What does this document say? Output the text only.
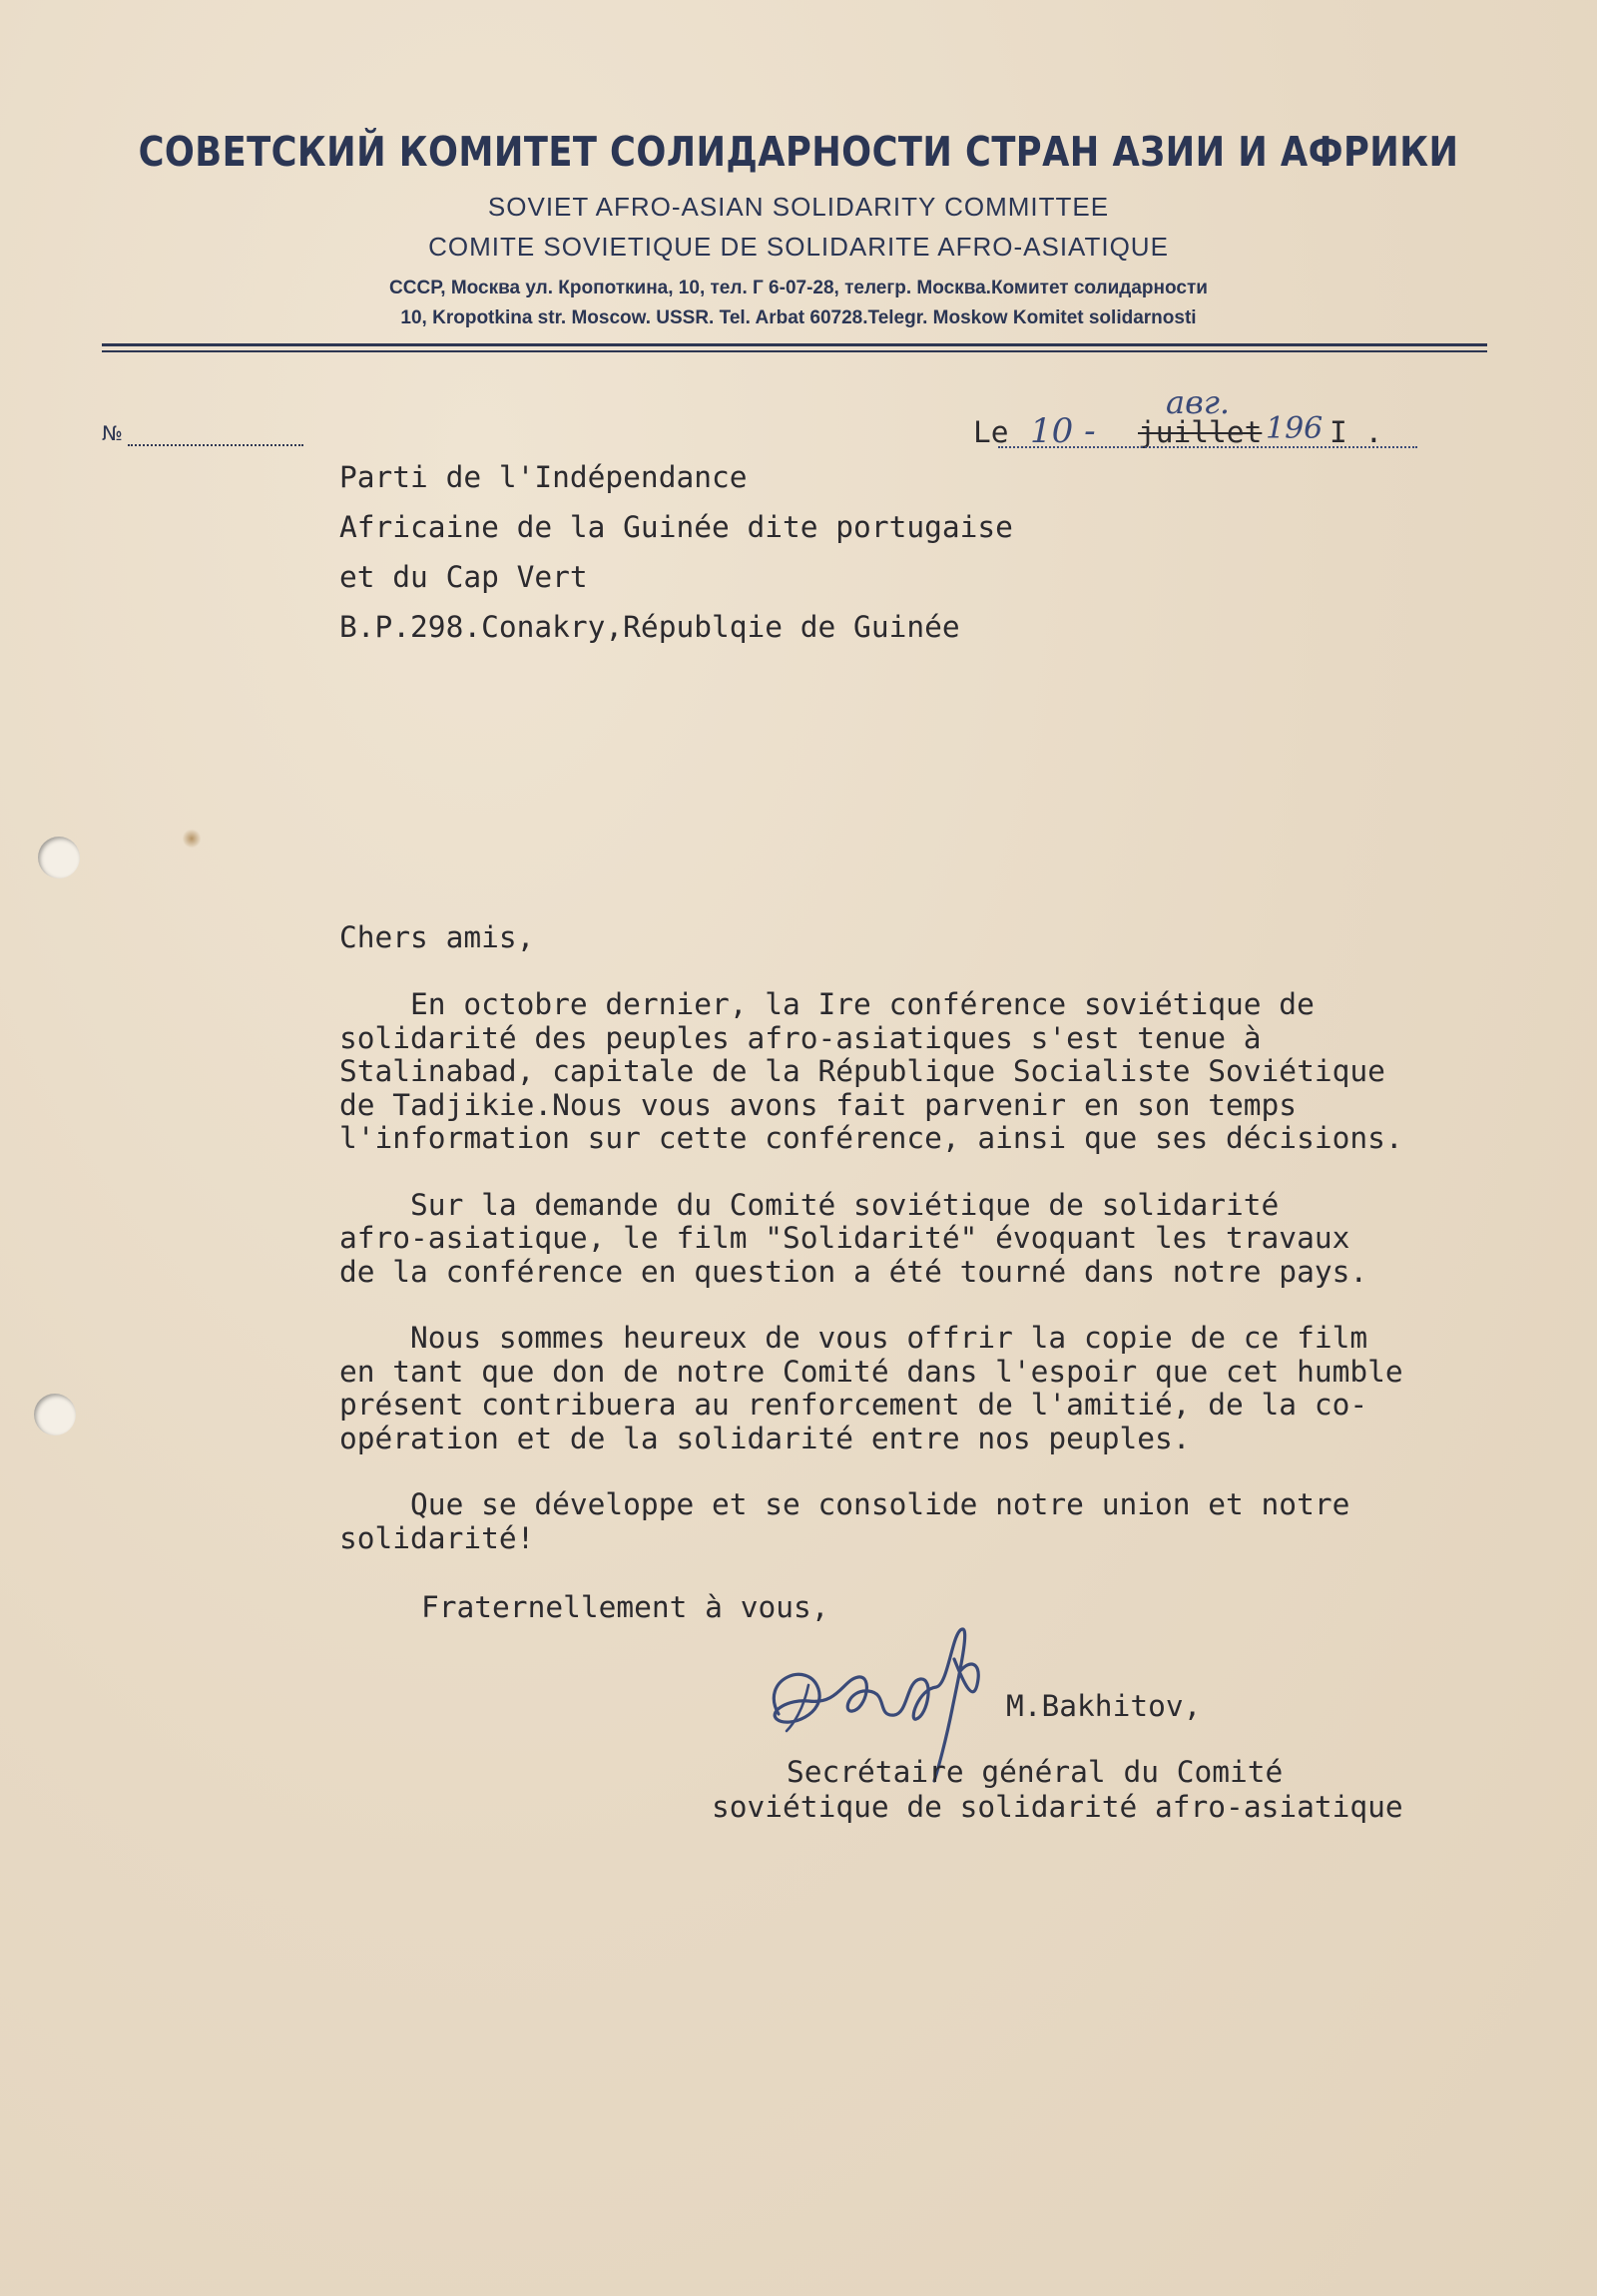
СОВЕТСКИЙ КОМИТЕТ СОЛИДАРНОСТИ СТРАН АЗИИ И АФРИКИ
SOVIET AFRO-ASIAN SOLIDARITY COMMITTEE
COMITE SOVIETIQUE DE SOLIDARITE AFRO-ASIATIQUE
СССР, Москва ул. Кропоткина, 10, тел. Г 6-07-28, телегр. Москва.Комитет солидарности
10, Kropotkina str. Moscow. USSR. Tel. Arbat 60728.Telegr. Moskow Komitet solidarnosti
№	Le 10 - juillet
авг.
196 I .
Parti de l'Indépendance
Africaine de la Guinée dite portugaise
et du Cap Vert
B.P.298.Conakry,Républqie de Guinée
Chers amis,
En octobre dernier, la Ire conférence soviétique de
solidarité des peuples afro-asiatiques s'est tenue à
Stalinabad, capitale de la République Socialiste Soviétique
de Tadjikie.Nous vous avons fait parvenir en son temps
l'information sur cette conférence, ainsi que ses décisions.
Sur la demande du Comité soviétique de solidarité
afro-asiatique, le film "Solidarité" évoquant les travaux
de la conférence en question a été tourné dans notre pays.
Nous sommes heureux de vous offrir la copie de ce film
en tant que don de notre Comité dans l'espoir que cet humble
présent contribuera au renforcement de l'amitié, de la co-
opération et de la solidarité entre nos peuples.
Que se développe et se consolide notre union et notre
solidarité!
Fraternellement à vous,
M.Bakhitov,
Secrétaire général du Comité
soviétique de solidarité afro-asiatique
